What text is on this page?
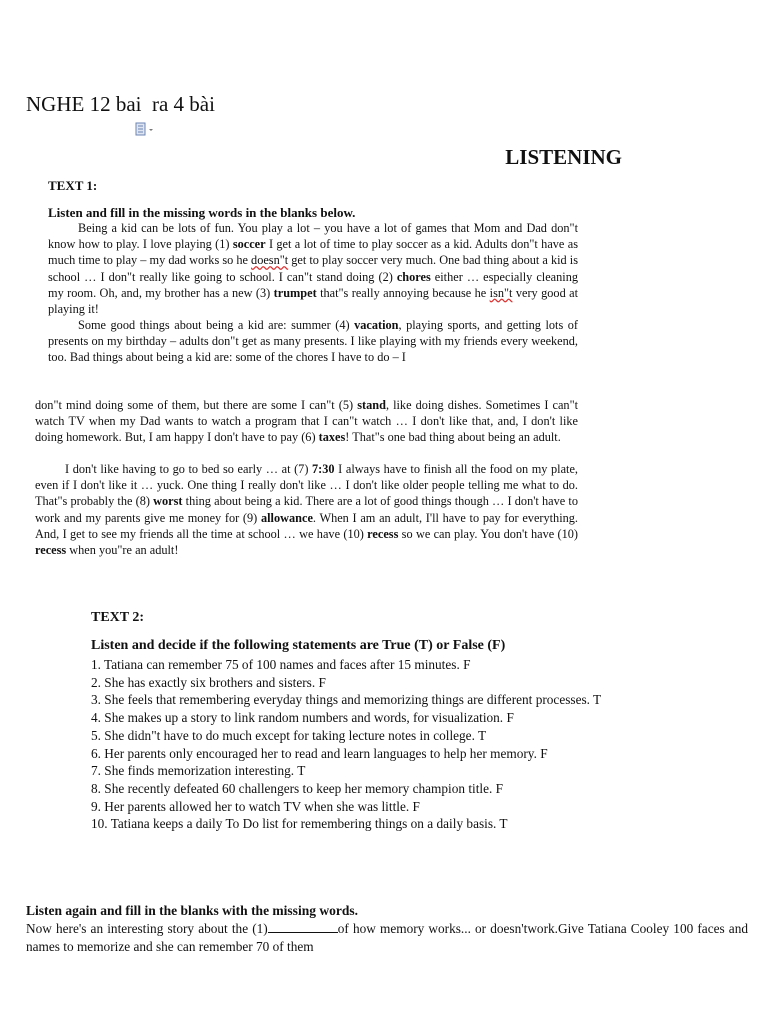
NGHE 12 bai  ra 4 bài
LISTENING
TEXT 1:
Listen and fill in the missing words in the blanks below.

Being a kid can be lots of fun. You play a lot – you have a lot of games that Mom and Dad don"t know how to play. I love playing (1) soccer I get a lot of time to play soccer as a kid. Adults don"t have as much time to play – my dad works so he doesn"t get to play soccer very much. One bad thing about a kid is school … I don"t really like going to school. I can"t stand doing (2) chores either … especially cleaning my room. Oh, and, my brother has a new (3) trumpet that"s really annoying because he isn"t very good at playing it!

Some good things about being a kid are: summer (4) vacation, playing sports, and getting lots of presents on my birthday – adults don"t get as many presents. I like playing with my friends every weekend, too. Bad things about being a kid are: some of the chores I have to do – I

don"t mind doing some of them, but there are some I can"t (5) stand, like doing dishes. Sometimes I can"t watch TV when my Dad wants to watch a program that I can"t watch … I don't like that, and, I don't like doing homework. But, I am happy I don't have to pay (6) taxes! That"s one bad thing about being an adult.

I don't like having to go to bed so early … at (7) 7:30 I always have to finish all the food on my plate, even if I don't like it … yuck. One thing I really don't like … I don't like older people telling me what to do. That"s probably the (8) worst thing about being a kid. There are a lot of good things though … I don't have to work and my parents give me money for (9) allowance. When I am an adult, I'll have to pay for everything. And, I get to see my friends all the time at school … we have (10) recess so we can play. You don't have (10) recess when you"re an adult!

TEXT 2:
Listen and decide if the following statements are True (T) or False (F)
1. Tatiana can remember 75 of 100 names and faces after 15 minutes. F
2. She has exactly six brothers and sisters. F
3. She feels that remembering everyday things and memorizing things are different processes. T
4. She makes up a story to link random numbers and words, for visualization. F
5. She didn"t have to do much except for taking lecture notes in college. T
6. Her parents only encouraged her to read and learn languages to help her memory. F
7. She finds memorization interesting. T
8. She recently defeated 60 challengers to keep her memory champion title. F
9. Her parents allowed her to watch TV when she was little. F
10. Tatiana keeps a daily To Do list for remembering things on a daily basis. T
Listen again and fill in the blanks with the missing words.

Now here's an interesting story about the (1)	of how memory works... or doesn'twork.Give Tatiana Cooley 100 faces and names to memorize and she can remember 70 of them
